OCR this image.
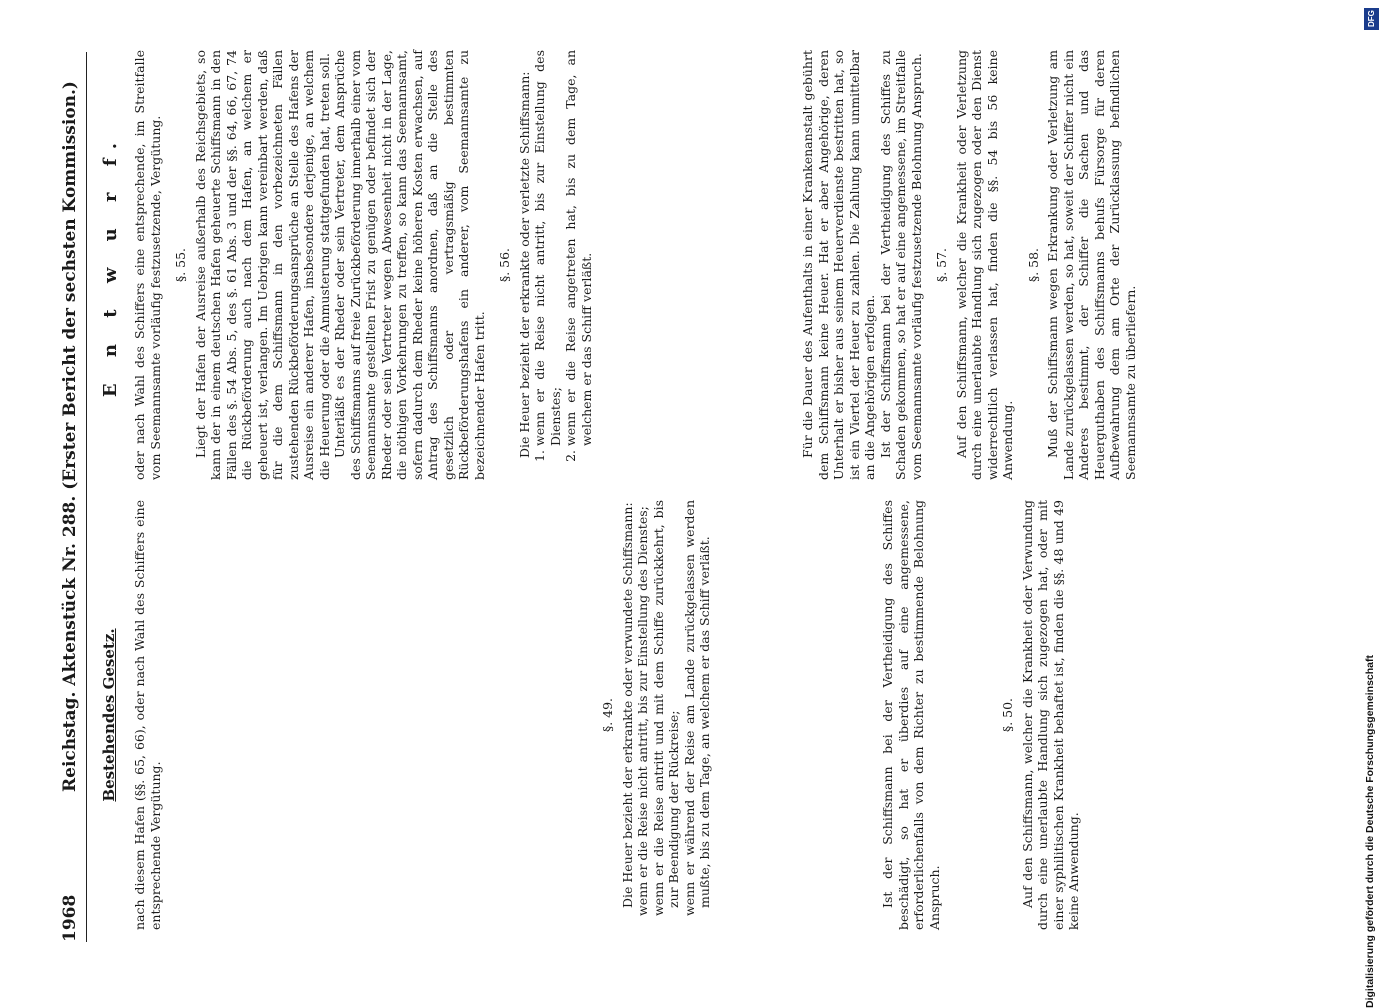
1968
Reichstag. Aktenstück Nr. 288. (Erster Bericht der sechsten Kommission.) Bestehendes Gesetz.
E n t w u r f.

nach diesem Hafen (§§. 65, 66), oder nach Wahl des Schiffers eine entsprechende Vergütung.

§. 49. Die Heuer bezieht der erkrankte oder verwundete Schiffsmann: wenn er die Reise nicht antritt, bis zur Einstellung des Dienstes; wenn er die Reise antritt und mit dem Schiffe zurückkehrt, bis zur Beendigung der Rückreise; wenn er während der Reise am Lande zurückgelassen werden mußte, bis zu dem Tage, an welchem er das Schiff verläßt.	Ist der Schiffsmann bei der Vertheidigung des Schiffes beschädigt, so hat er überdies auf eine angemessene, erforderlichenfalls von dem Richter zu bestimmende Belohnung Anspruch.

§. 50. Auf den Schiffsmann, welcher die Krankheit oder Verwundung durch eine unerlaubte Handlung sich zugezogen hat, oder mit einer syphilitischen Krankheit behaftet ist, finden die §§. 48 und 49 keine Anwendung.

oder nach Wahl des Schiffers eine entsprechende, im Streitfalle vom Seemannsamte vorläufig festzusetzende, Vergütung. §. 55. Liegt der Hafen der Ausreise außerhalb des Reichsgebiets, so kann der in einem deutschen Hafen geheuerte Schiffsmann in den Fällen des §. 54 Abs. 5, des §. 61 Abs. 3 und der §§. 64, 66, 67, 74 die Rückbeförderung auch nach dem Hafen, an welchem er geheuert ist, verlangen. Im Uebrigen kann vereinbart werden, daß für die dem Schiffsmann in den vorbezeichneten Fällen zustehenden Rückbeförderungsansprüche an Stelle des Hafens der Ausreise ein anderer Hafen, insbesondere derjenige, an welchem die Heuerung oder die Anmusterung stattgefunden hat, treten soll. Unterläßt es der Rheder oder sein Vertreter, dem Ansprüche des Schiffsmanns auf freie Zurückbeförderung innerhalb einer vom Seemannsamte gestellten Frist zu genügen oder befindet sich der Rheder oder sein Vertreter wegen Abwesenheit nicht in der Lage, die nöthigen Vorkehrungen zu treffen, so kann das Seemannsamt, sofern dadurch dem Rheder keine höheren Kosten erwachsen, auf Antrag des Schiffsmanns anordnen, daß an die Stelle des gesetzlich oder vertragsmäßig bestimmten Rückbeförderungshafens ein anderer, vom Seemannsamte zu bezeichnender Hafen tritt.

§. 56. Die Heuer bezieht der erkrankte oder verletzte Schiffsmann: 1. wenn er die Reise nicht antritt, bis zur Einstellung des Dienstes; 2. wenn er die Reise angetreten hat, bis zu dem Tage, an welchem er das Schiff verläßt.	Für die Dauer des Aufenthalts in einer Krankenanstalt gebührt dem Schiffsmann keine Heuer. Hat er aber Angehörige, deren Unterhalt er bisher aus seinem Heuerverdienste bestritten hat, so ist ein Viertel der Heuer zu zahlen. Die Zahlung kann unmittelbar an die Angehörigen erfolgen. Ist der Schiffsmann bei der Vertheidigung des Schiffes zu Schaden gekommen, so hat er auf eine angemessene, im Streitfalle vom Seemannsamte vorläufig festzusetzende Belohnung Anspruch. §. 57. Auf den Schiffsmann, welcher die Krankheit oder Verletzung durch eine unerlaubte Handlung sich zugezogen oder den Dienst widerrechtlich verlassen hat, finden die §§. 54 bis 56 keine Anwendung.

§. 58. Muß der Schiffsmann wegen Erkrankung oder Verletzung am Lande zurückgelassen werden, so hat, soweit der Schiffer nicht ein Anderes bestimmt, der Schiffer die Sachen und das Heuerguthaben des Schiffsmanns behufs Fürsorge für deren Aufbewahrung dem am Orte der Zurücklassung befindlichen Seemannsamte zu überliefern.

DFG
Digitalisierung gefördert durch die Deutsche Forschungsgemeinschaft
